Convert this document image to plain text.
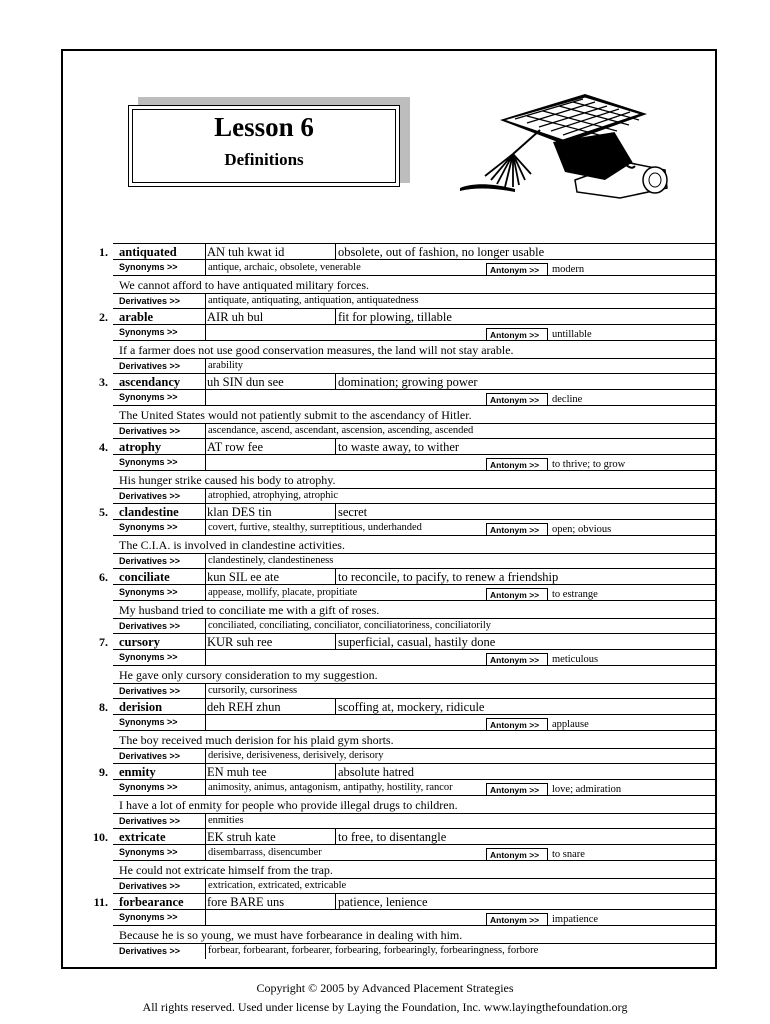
Lesson 6
Definitions
1. antiquated AN tuh kwat id	obsolete, out of fashion, no longer usable
Synonyms >>	antique, archaic, obsolete, venerable	Antonym >> modern
We cannot afford to have antiquated military forces.
Derivatives >>	antiquate, antiquating, antiquation, antiquatedness
2. arable	AIR uh bul	fit for plowing, tillable
Synonyms >>	Antonym >> untillable
If a farmer does not use good conservation measures, the land will not stay arable.
Derivatives >>	arability
3. ascendancy uh SIN dun see	domination; growing power
Synonyms >>	Antonym >> decline
The United States would not patiently submit to the ascendancy of Hitler.
Derivatives >>	ascendance, ascend, ascendant, ascension, ascending, ascended
4. atrophy	AT row fee	to waste away, to wither
Synonyms >>	Antonym >> to thrive; to grow
His hunger strike caused his body to atrophy.
Derivatives >>	atrophied, atrophying, atrophic
5. clandestine klan DES tin	secret
Synonyms >>	covert, furtive, stealthy, surreptitious, underhanded	Antonym >> open; obvious
The C.I.A. is involved in clandestine activities.
Derivatives >>	clandestinely, clandestineness
6. conciliate	kun SIL ee ate	to reconcile, to pacify, to renew a friendship
Synonyms >>	appease, mollify, placate, propitiate	Antonym >> to estrange
My husband tried to conciliate me with a gift of roses.
Derivatives >>	conciliated, conciliating, conciliator, conciliatoriness, conciliatorily
7. cursory	KUR suh ree	superficial, casual, hastily done
Synonyms >>	Antonym >> meticulous
He gave only cursory consideration to my suggestion.
Derivatives >>	cursorily, cursoriness
8. derision	deh REH zhun	scoffing at, mockery, ridicule
Synonyms >>	Antonym >> applause
The boy received much derision for his plaid gym shorts.
Derivatives >>	derisive, derisiveness, derisively, derisory
9. enmity	EN muh tee	absolute hatred
Synonyms >>	animosity, animus, antagonism, antipathy, hostility, rancor	Antonym >> love; admiration
I have a lot of enmity for people who provide illegal drugs to children.
Derivatives >>	enmities
10. extricate	EK struh kate	to free, to disentangle
Synonyms >>	disembarrass, disencumber	Antonym >> to snare
He could not extricate himself from the trap.
Derivatives >>	extrication, extricated, extricable
11. forbearance fore BARE uns	patience, lenience
Synonyms >>	Antonym >> impatience
Because he is so young, we must have forbearance in dealing with him.
Derivatives >>	forbear, forbearant, forbearer, forbearing, forbearingly, forbearingness, forbore
Copyright © 2005 by Advanced Placement Strategies
All rights reserved. Used under license by Laying the Foundation, Inc. www.layingthefoundation.org
